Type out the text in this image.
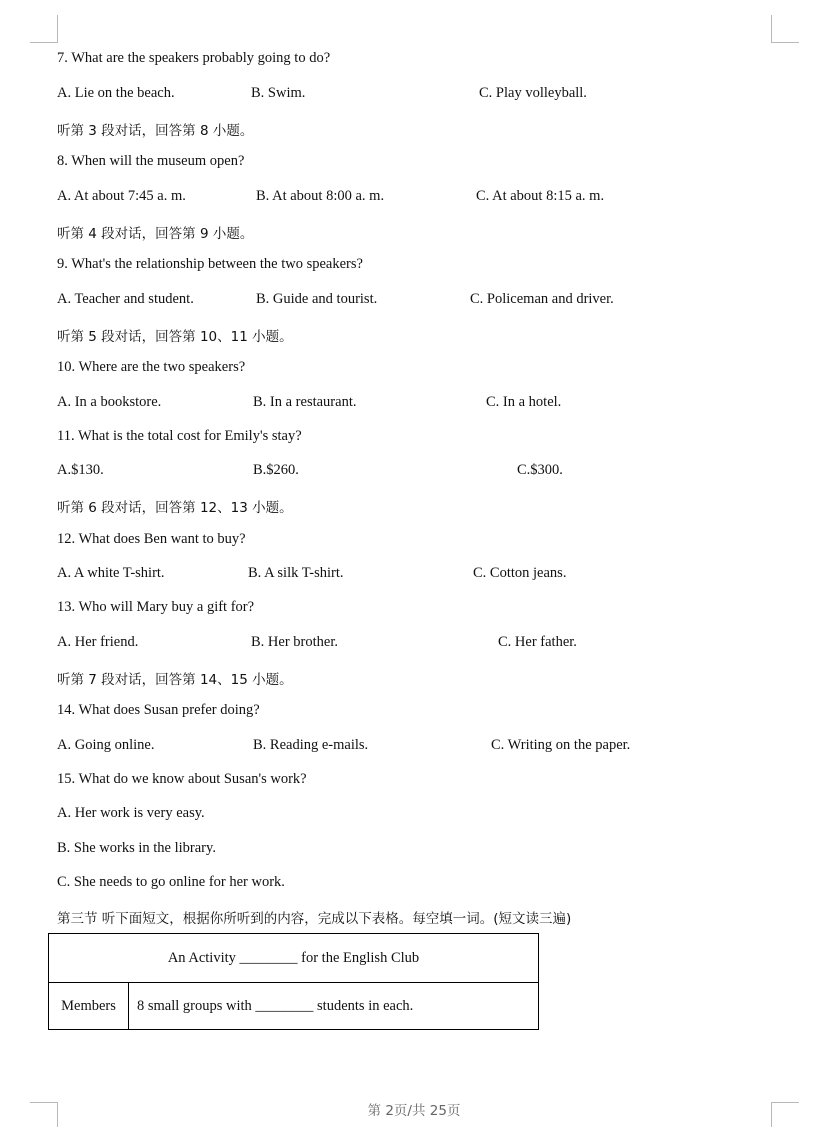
7. What are the speakers probably going to do?
A. Lie on the beach.	B. Swim.	C. Play volleyball.
听第 3 段对话，回答第 8 小题。
8. When will the museum open?
A. At about 7:45 a. m.	B. At about 8:00 a. m.	C. At about 8:15 a. m.
听第 4 段对话，回答第 9 小题。
9. What's the relationship between the two speakers?
A. Teacher and student.	B. Guide and tourist.	C. Policeman and driver.
听第 5 段对话，回答第 10、11 小题。
10. Where are the two speakers?
A. In a bookstore.	B. In a restaurant.	C. In a hotel.
11. What is the total cost for Emily's stay?
A.$130.	B.$260.	C.$300.
听第 6 段对话，回答第 12、13 小题。
12. What does Ben want to buy?
A. A white T-shirt.	B. A silk T-shirt.	C. Cotton jeans.
13. Who will Mary buy a gift for?
A. Her friend.	B. Her brother.	C. Her father.
听第 7 段对话，回答第 14、15 小题。
14. What does Susan prefer doing?
A. Going online.	B. Reading e-mails.	C. Writing on the paper.
15. What do we know about Susan's work?
A. Her work is very easy.
B. She works in the library.
C. She needs to go online for her work.
第三节 听下面短文，根据你所听到的内容，完成以下表格。每空填一词。(短文读三遍)
An Activity ________ for the English Club
Members	8 small groups with ________ students in each.
第 2页/共 25页
